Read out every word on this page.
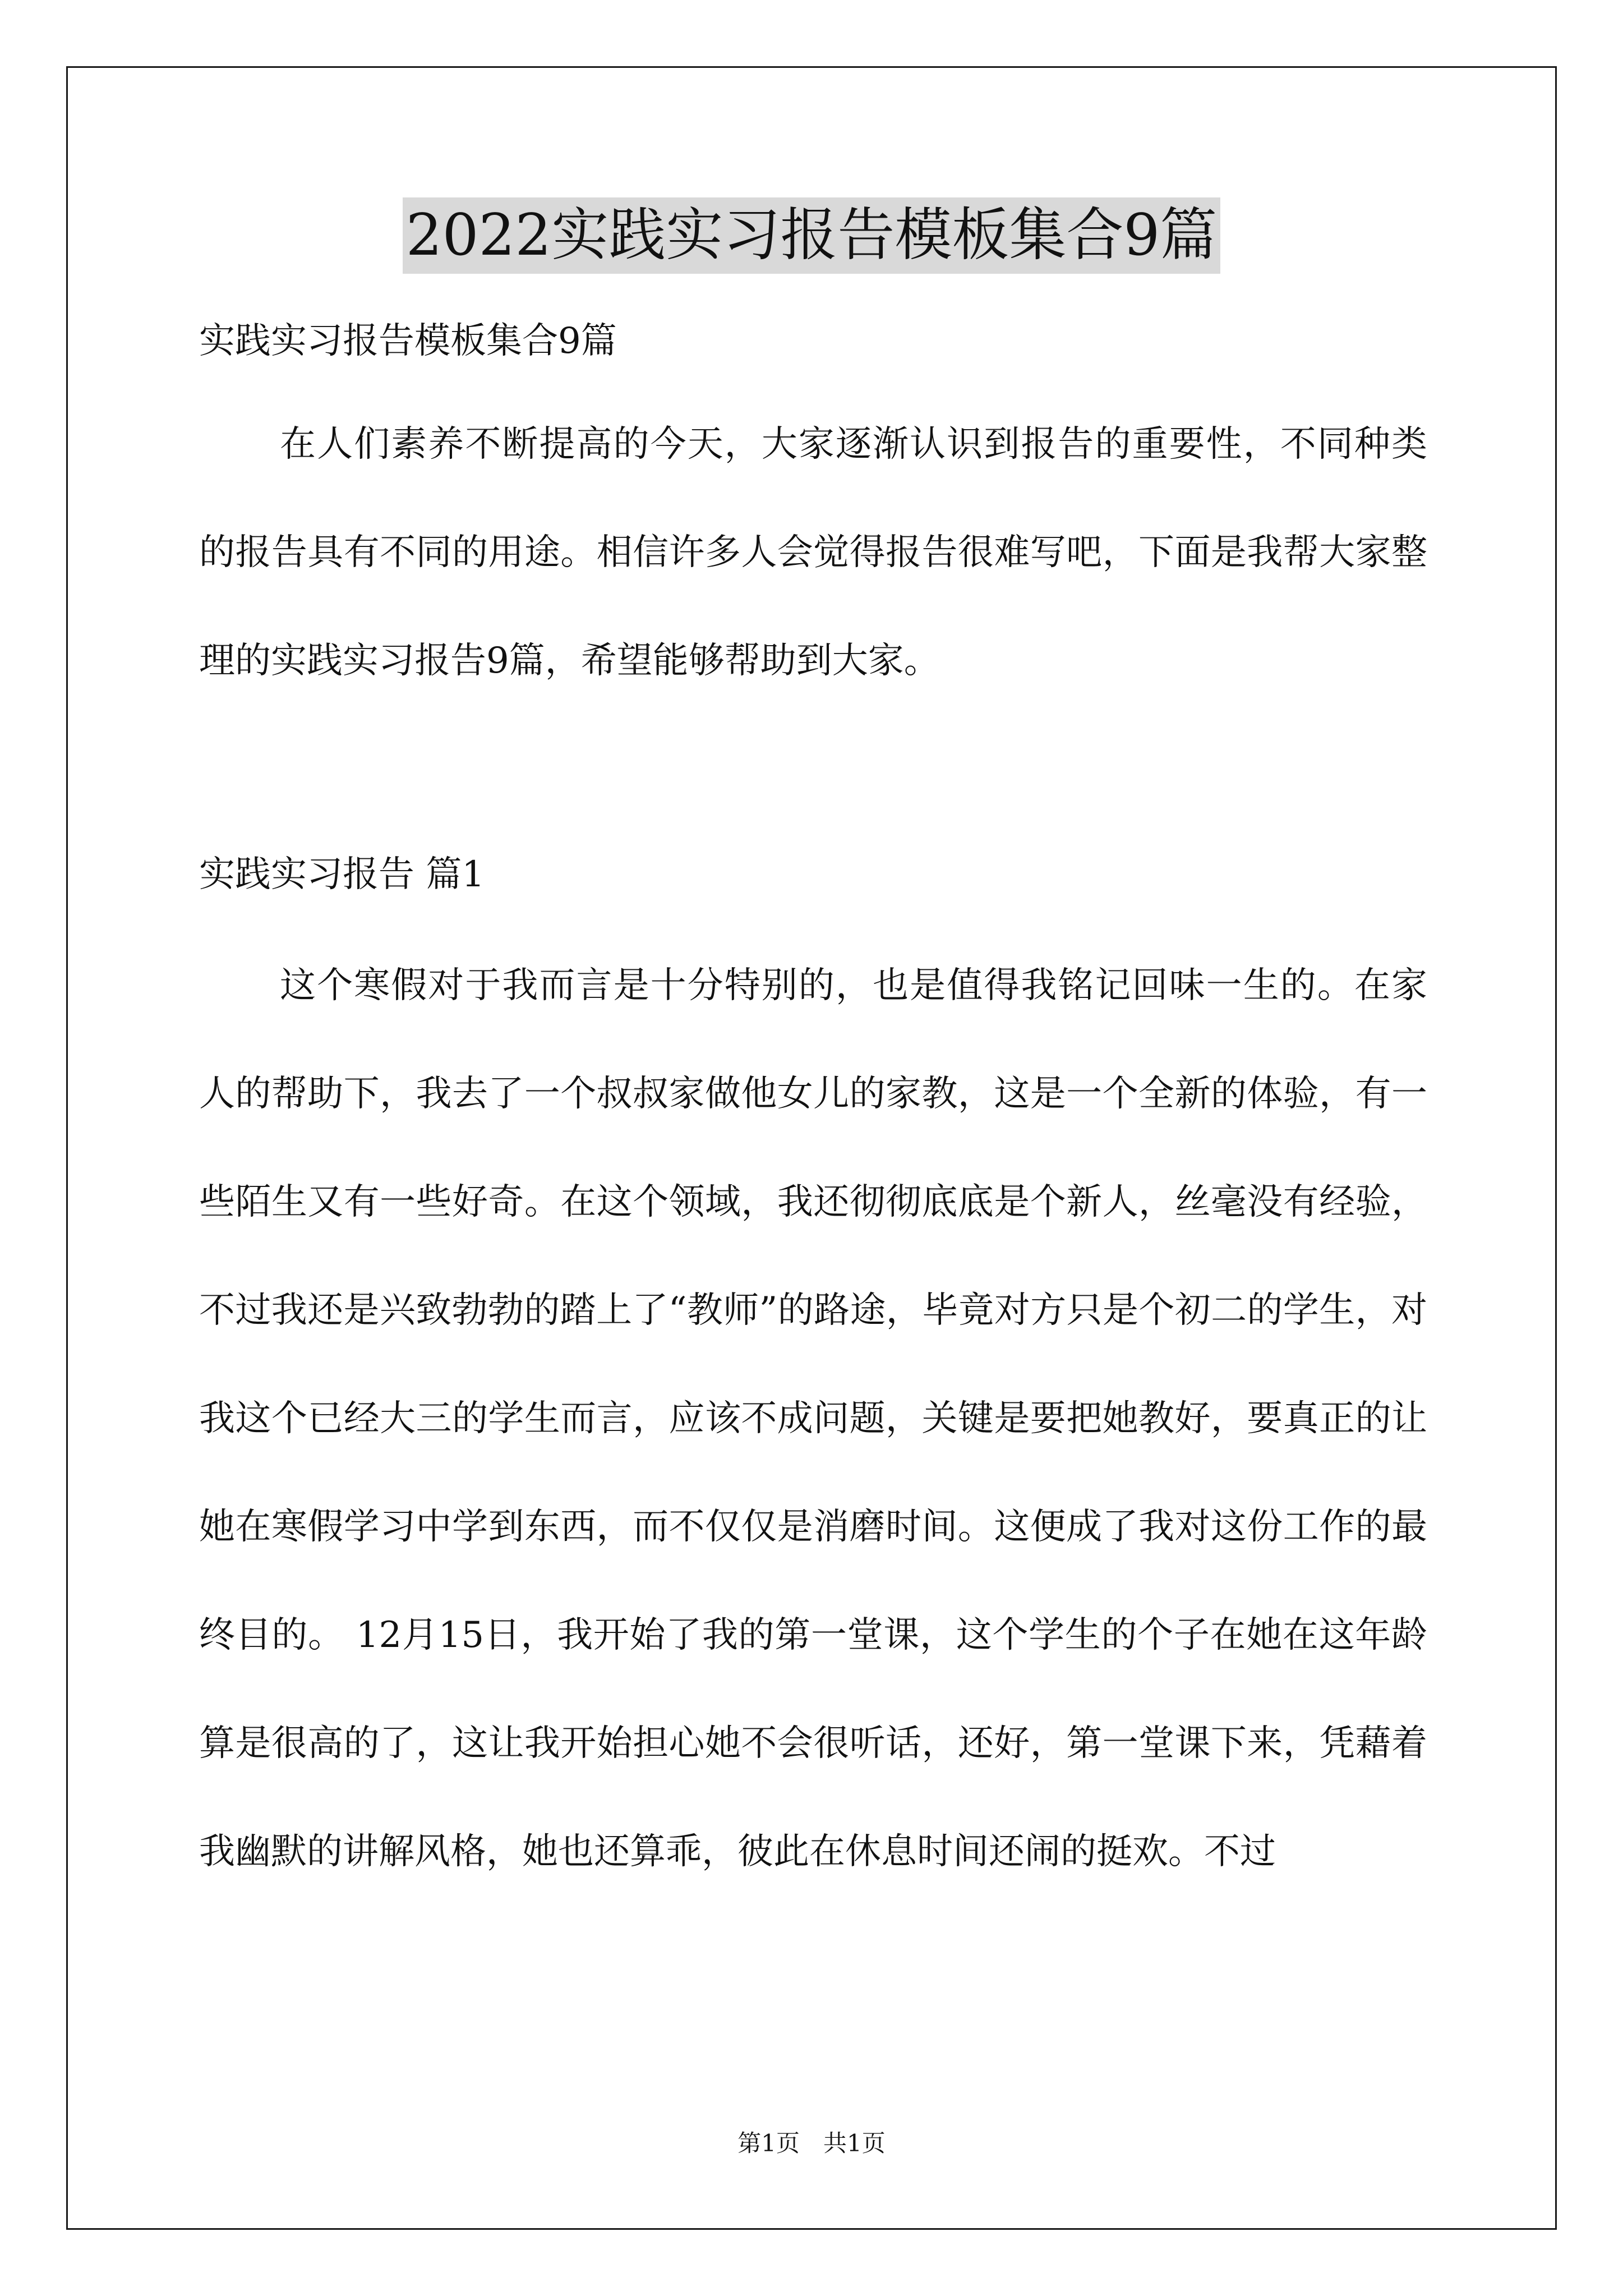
2022实践实习报告模板集合9篇

实践实习报告模板集合9篇

在人们素养不断提高的今天，大家逐渐认识到报告的重要性，不同种类的报告具有不同的用途。相信许多人会觉得报告很难写吧，下面是我帮大家整理的实践实习报告9篇，希望能够帮助到大家。

实践实习报告 篇1

这个寒假对于我而言是十分特别的，也是值得我铭记回味一生的。在家人的帮助下，我去了一个叔叔家做他女儿的家教，这是一个全新的体验，有一些陌生又有一些好奇。在这个领域，我还彻彻底底是个新人，丝毫没有经验，不过我还是兴致勃勃的踏上了“教师”的路途，毕竟对方只是个初二的学生，对我这个已经大三的学生而言，应该不成问题，关键是要把她教好，要真正的让她在寒假学习中学到东西，而不仅仅是消磨时间。这便成了我对这份工作的最终目的。 12月15日，我开始了我的第一堂课，这个学生的个子在她在这年龄算是很高的了，这让我开始担心她不会很听话，还好，第一堂课下来，凭藉着我幽默的讲解风格，她也还算乖，彼此在休息时间还闹的挺欢。不过

第1页　共1页
